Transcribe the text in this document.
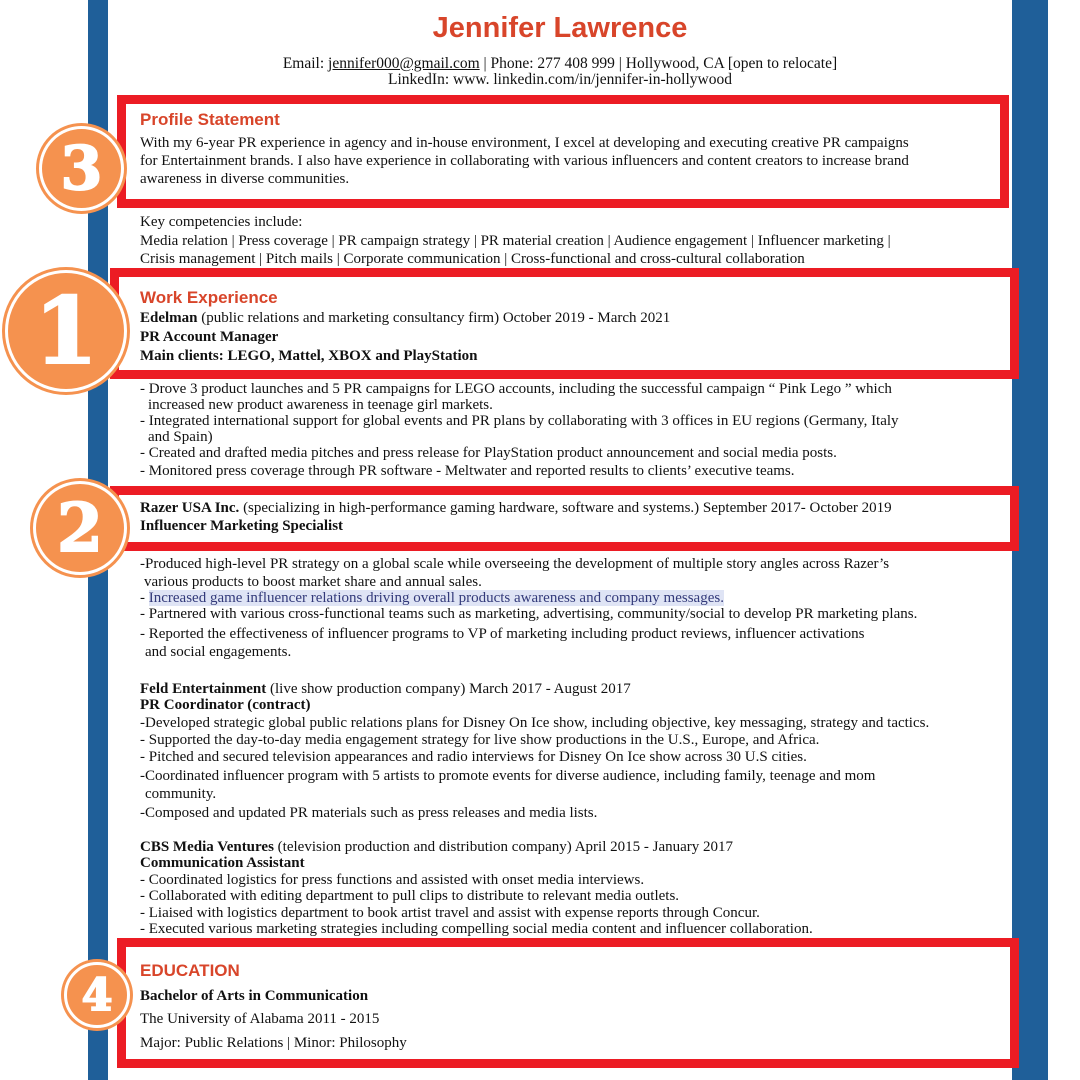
Jennifer Lawrence
Email: jennifer000@gmail.com | Phone: 277 408 999 | Hollywood, CA [open to relocate]
LinkedIn: www. linkedin.com/in/jennifer-in-hollywood
Profile Statement
With my 6-year PR experience in agency and in-house environment, I excel at developing and executing creative PR campaigns
for Entertainment brands. I also have experience in collaborating with various influencers and content creators to increase brand
awareness in diverse communities.
Key competencies include:
Media relation | Press coverage | PR campaign strategy | PR material creation | Audience engagement | Influencer marketing |
Crisis management | Pitch mails | Corporate communication | Cross-functional and cross-cultural collaboration
Work Experience
Edelman (public relations and marketing consultancy firm) October 2019 - March 2021
PR Account Manager
Main clients: LEGO, Mattel, XBOX and PlayStation
- Drove 3 product launches and 5 PR campaigns for LEGO accounts, including the successful campaign “ Pink Lego ” which
increased new product awareness in teenage girl markets.
- Integrated international support for global events and PR plans by collaborating with 3 offices in EU regions (Germany, Italy
and Spain)
- Created and drafted media pitches and press release for PlayStation product announcement and social media posts.
- Monitored press coverage through PR software - Meltwater and reported results to clients’ executive teams.
Razer USA Inc. (specializing in high-performance gaming hardware, software and systems.) September 2017- October 2019
Influencer Marketing Specialist
-Produced high-level PR strategy on a global scale while overseeing the development of multiple story angles across Razer’s
various products to boost market share and annual sales.
- Increased game influencer relations driving overall products awareness and company messages.
- Partnered with various cross-functional teams such as marketing, advertising, community/social to develop PR marketing plans.
- Reported the effectiveness of influencer programs to VP of marketing including product reviews, influencer activations
and social engagements.
Feld Entertainment (live show production company) March 2017 - August 2017
PR Coordinator (contract)
-Developed strategic global public relations plans for Disney On Ice show, including objective, key messaging, strategy and tactics.
- Supported the day-to-day media engagement strategy for live show productions in the U.S., Europe, and Africa.
- Pitched and secured television appearances and radio interviews for Disney On Ice show across 30 U.S cities.
-Coordinated influencer program with 5 artists to promote events for diverse audience, including family, teenage and mom
community.
-Composed and updated PR materials such as press releases and media lists.
CBS Media Ventures (television production and distribution company) April 2015 - January 2017
Communication Assistant
- Coordinated logistics for press functions and assisted with onset media interviews.
- Collaborated with editing department to pull clips to distribute to relevant media outlets.
- Liaised with logistics department to book artist travel and assist with expense reports through Concur.
- Executed various marketing strategies including compelling social media content and influencer collaboration.
EDUCATION
Bachelor of Arts in Communication
The University of Alabama 2011 - 2015
Major: Public Relations | Minor: Philosophy
3
1
2
4
